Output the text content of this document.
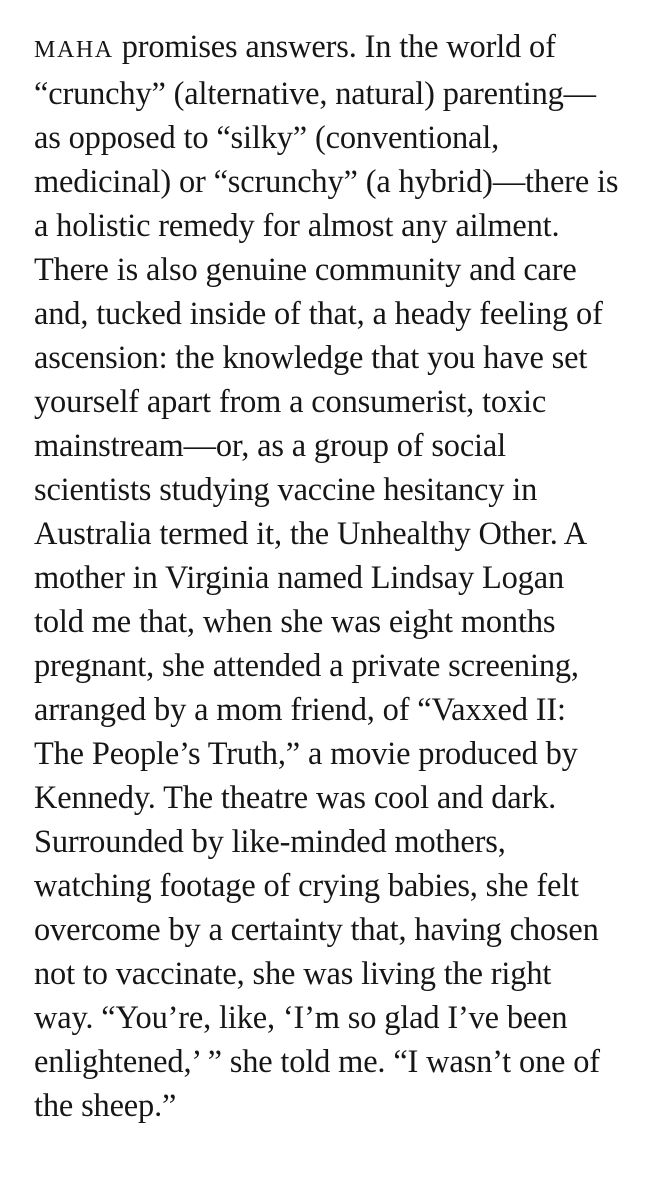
MAHA promises answers. In the world of
“crunchy” (alternative, natural) parenting—
as opposed to “silky” (conventional,
medicinal) or “scrunchy” (a hybrid)—there is
a holistic remedy for almost any ailment.
There is also genuine community and care
and, tucked inside of that, a heady feeling of
ascension: the knowledge that you have set
yourself apart from a consumerist, toxic
mainstream—or, as a group of social
scientists studying vaccine hesitancy in
Australia termed it, the Unhealthy Other. A
mother in Virginia named Lindsay Logan
told me that, when she was eight months
pregnant, she attended a private screening,
arranged by a mom friend, of “Vaxxed II:
The People’s Truth,” a movie produced by
Kennedy. The theatre was cool and dark.
Surrounded by like-minded mothers,
watching footage of crying babies, she felt
overcome by a certainty that, having chosen
not to vaccinate, she was living the right
way. “You’re, like, ‘I’m so glad I’ve been
enlightened,’ ” she told me. “I wasn’t one of
the sheep.”
